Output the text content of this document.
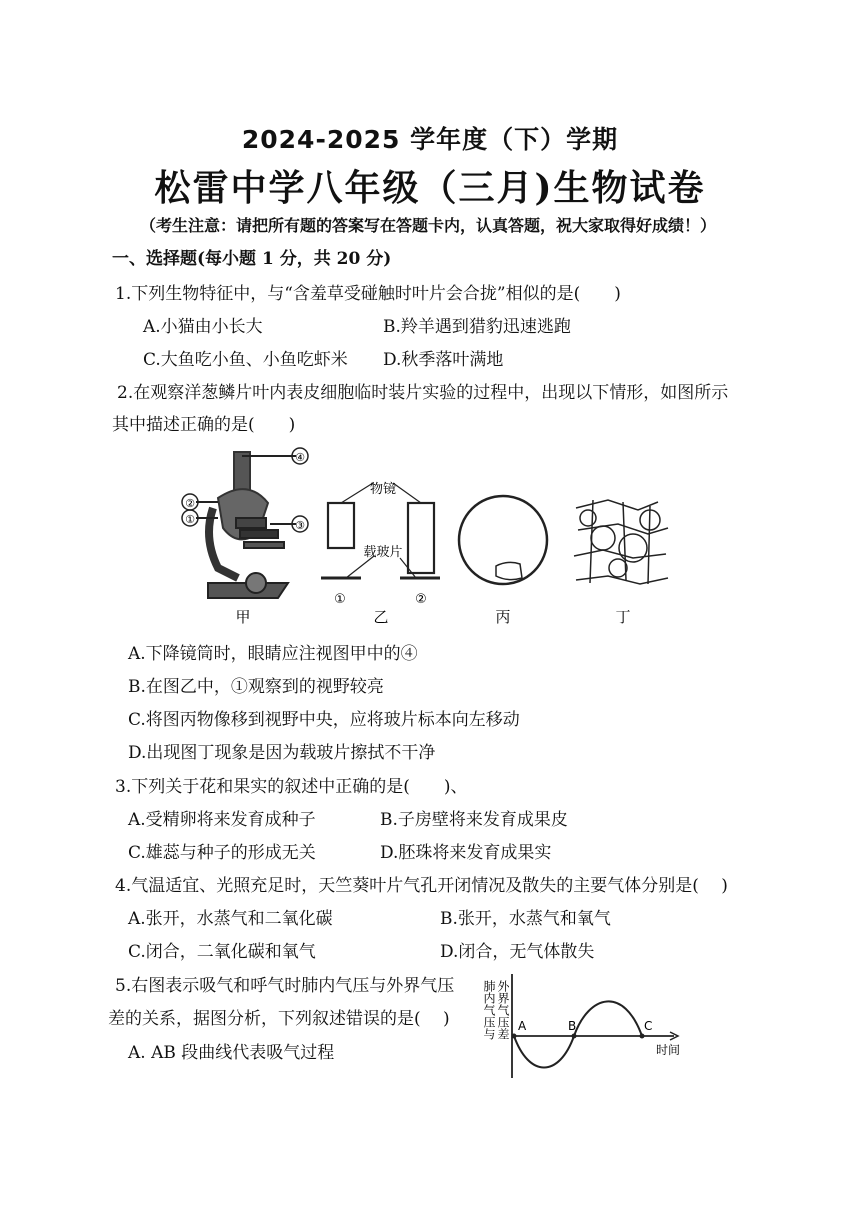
2024-2025 学年度（下）学期
松雷中学八年级（三月)生物试卷
（考生注意：请把所有题的答案写在答题卡内，认真答题，祝大家取得好成绩！）
一、选择题(每小题 1 分，共 20 分)
1.下列生物特征中，与“含羞草受碰触时叶片会合拢”相似的是(　　)
A.小猫由小长大	B.羚羊遇到猎豹迅速逃跑
C.大鱼吃小鱼、小鱼吃虾米 D.秋季落叶满地
2.在观察洋葱鳞片叶内表皮细胞临时装片实验的过程中，出现以下情形，如图所示
其中描述正确的是(　　)
④
②
①	③
物镜
载玻片
①	②
甲	乙	丙	丁
A.下降镜筒时，眼睛应注视图甲中的④
B.在图乙中，①观察到的视野较亮
C.将图丙物像移到视野中央，应将玻片标本向左移动
D.出现图丁现象是因为载玻片擦拭不干净
3.下列关于花和果实的叙述中正确的是(　　)、
A.受精卵将来发育成种子	B.子房壁将来发育成果皮
C.雄蕊与种子的形成无关	D.胚珠将来发育成果实
4.气温适宜、光照充足时，天竺葵叶片气孔开闭情况及散失的主要气体分别是(　 )
A.张开，水蒸气和二氧化碳	B.张开，水蒸气和氧气
C.闭合，二氧化碳和氧气	D.闭合，无气体散失
5.右图表示吸气和呼气时肺内气压与外界气压
差的关系，据图分析，下列叙述错误的是(　 )
A. AB 段曲线代表吸气过程
肺内气压与 外界气压差 A	B	C
时间
